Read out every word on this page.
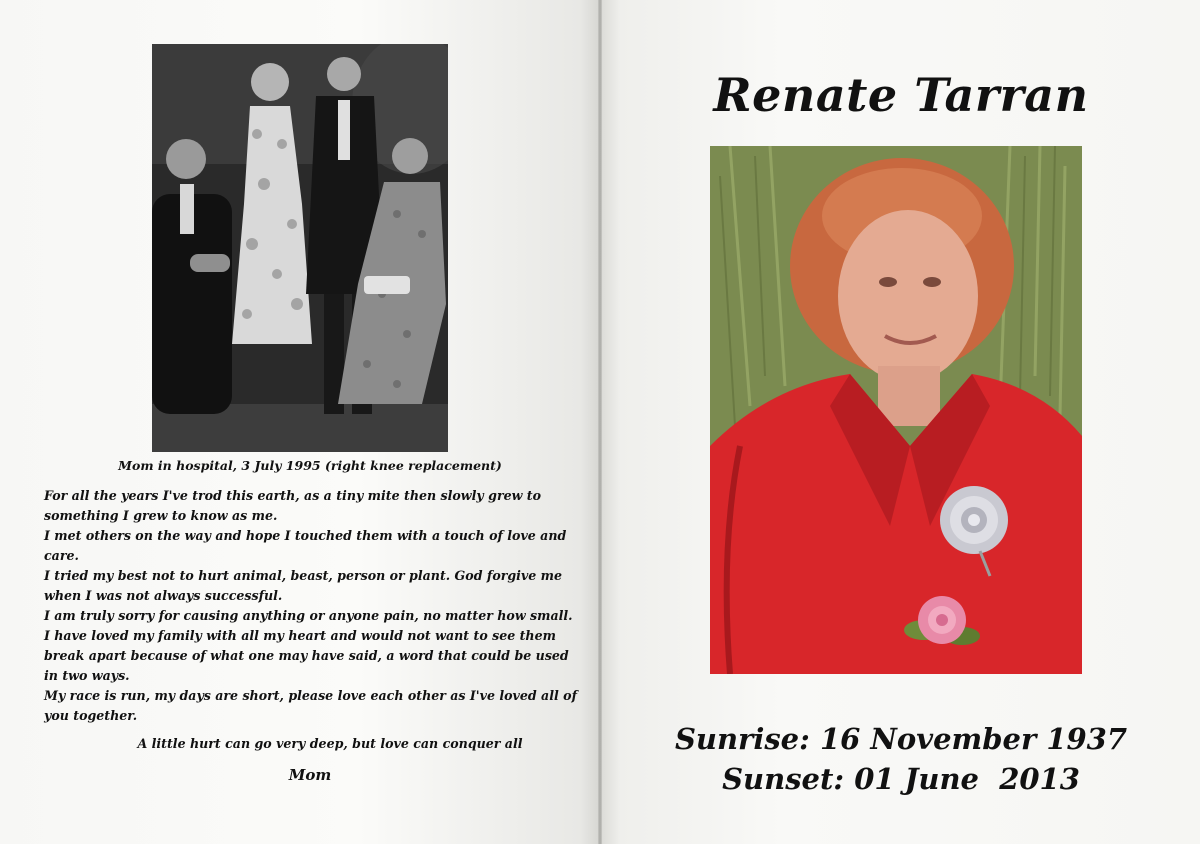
Mom in hospital, 3 July 1995 (right knee replacement)

For all the years I've trod this earth, as a tiny mite then slowly grew to something I grew to know as me.

I met others on the way and hope I touched them with a touch of love and care.

I tried my best not to hurt animal, beast, person or plant. God forgive me when I was not always successful.

I am truly sorry for causing anything or anyone pain, no matter how small.

I have loved my family with all my heart and would not want to see them break apart because of what one may have said, a word that could be used in two ways.

My race is run, my days are short, please love each other as I've loved all of you together.

A little hurt can go very deep, but love can conquer all
Mom
Renate Tarran
Sunrise: 16 November 1937
Sunset: 01 June  2013
